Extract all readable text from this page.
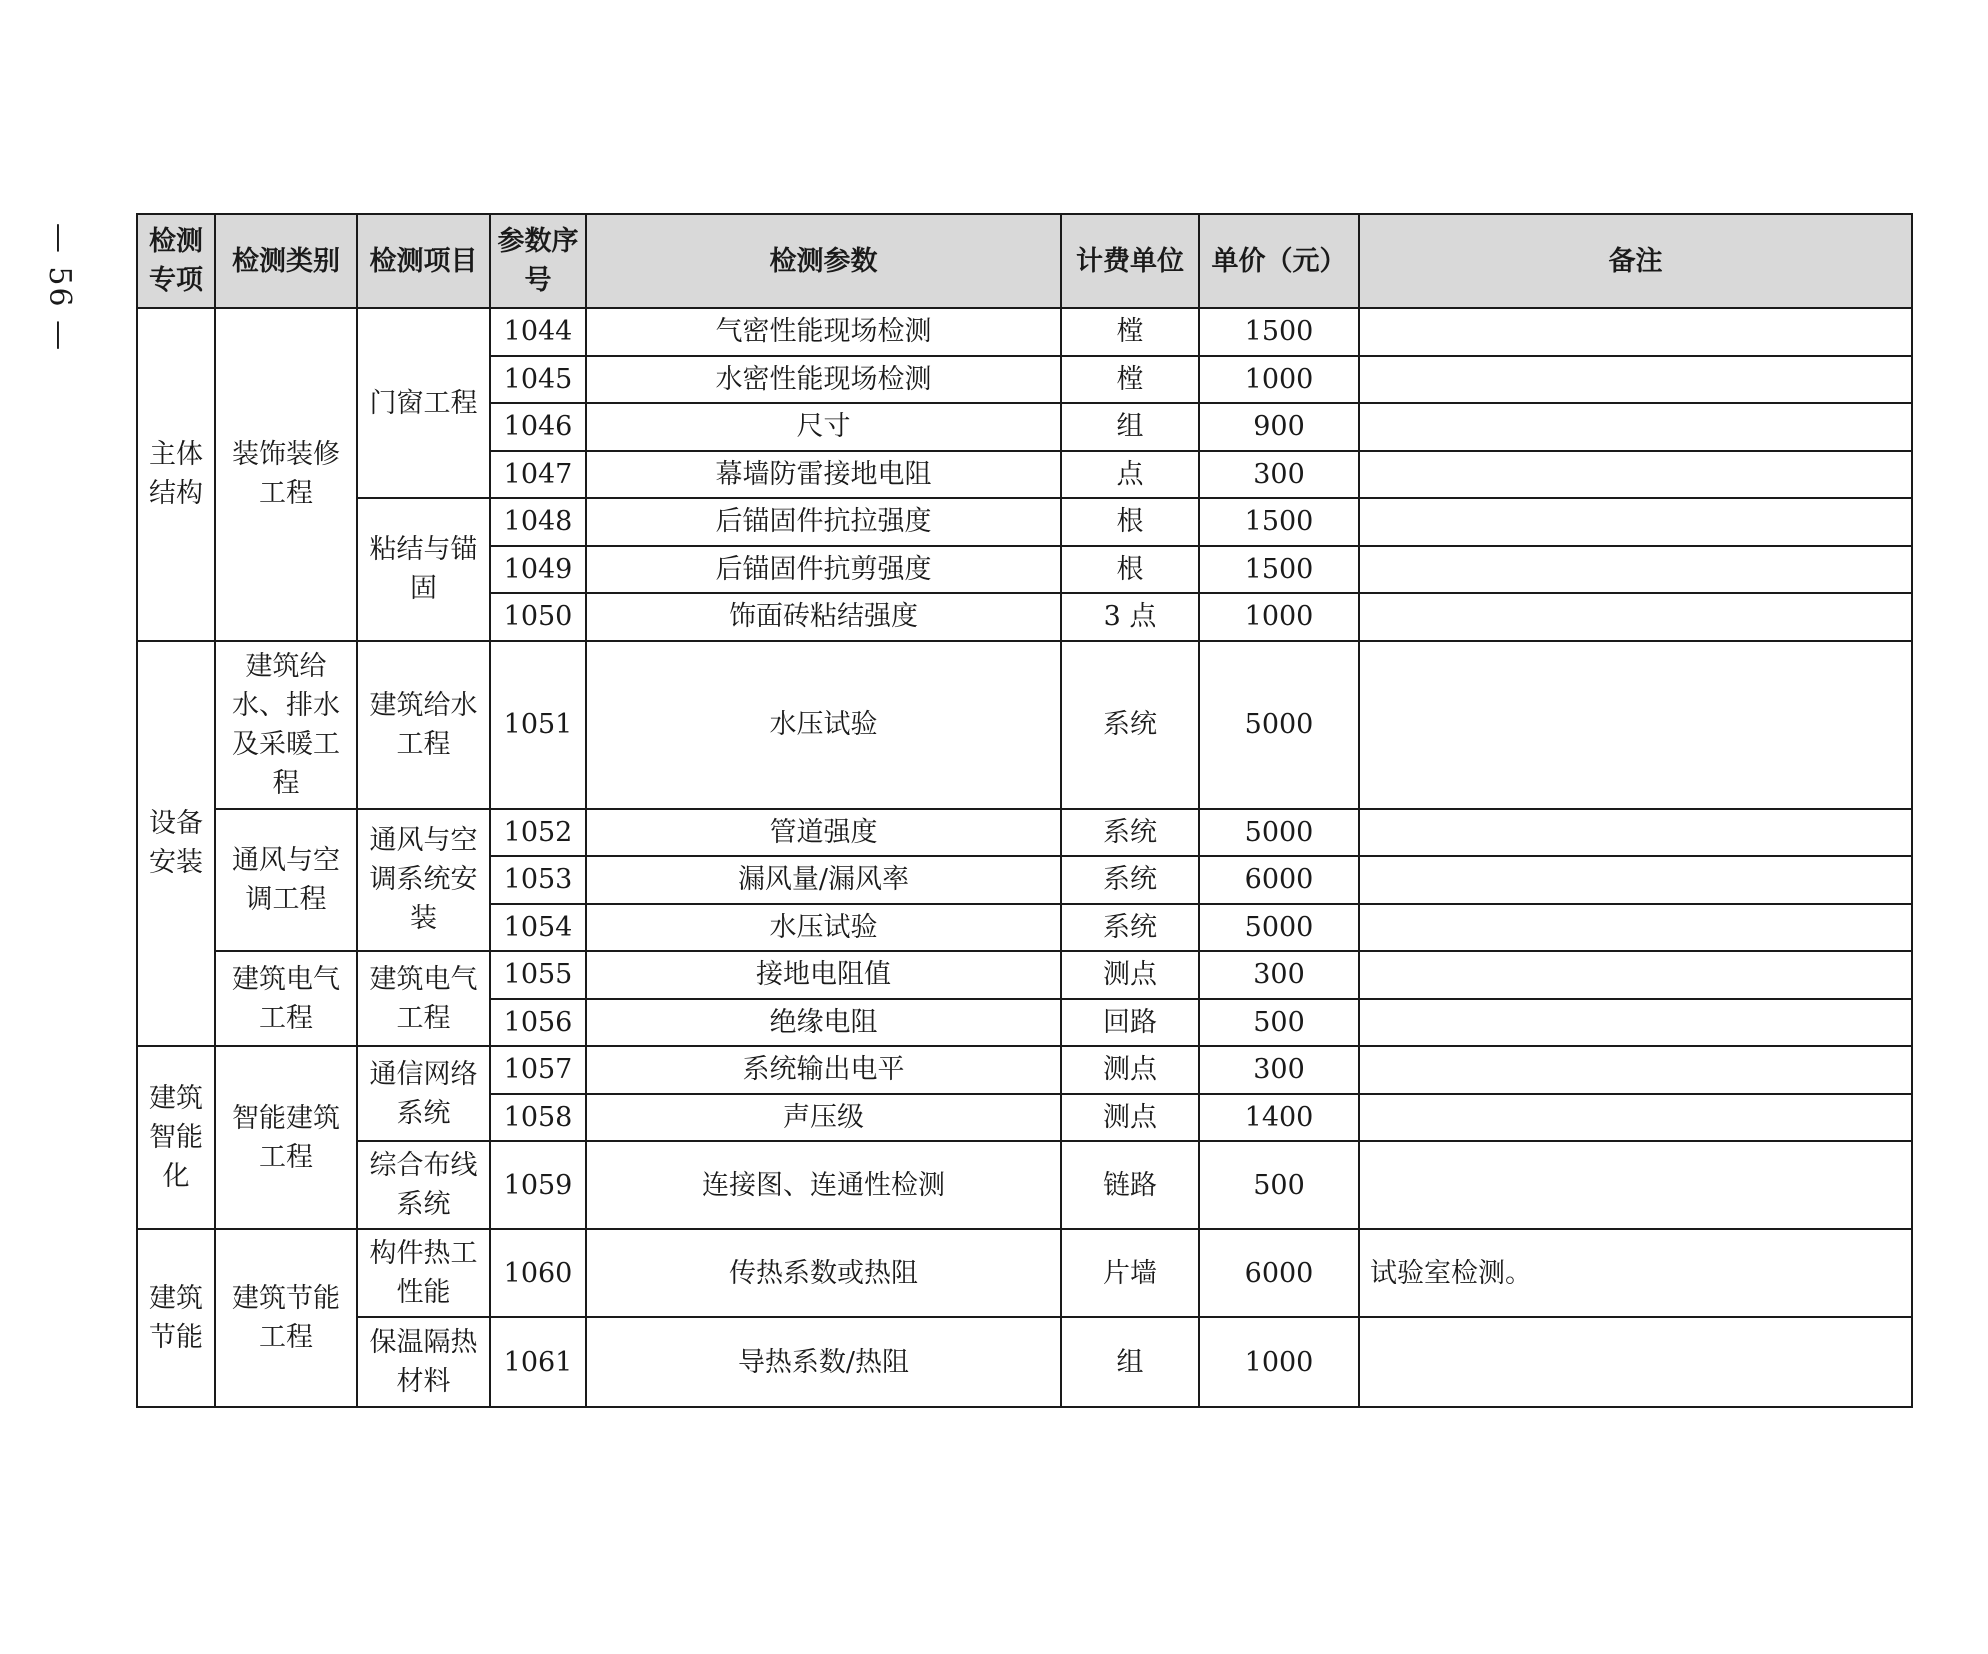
— 56 —	检测专项	检测类别	检测项目	参数序号	检测参数	计费单位	单价（元）	备注
主体结构	装饰装修工程	门窗工程	1044	气密性能现场检测	樘	1500	
			1045	水密性能现场检测	樘	1000	
			1046	尺寸	组	900	
			1047	幕墙防雷接地电阻	点	300	
		粘结与锚固	1048	后锚固件抗拉强度	根	1500	
			1049	后锚固件抗剪强度	根	1500	
			1050	饰面砖粘结强度	3 点	1000	
设备安装	建筑给水、排水及采暖工程	建筑给水工程	1051	水压试验	系统	5000	
	通风与空调工程	通风与空调系统安装	1052	管道强度	系统	5000	
			1053	漏风量/漏风率	系统	6000	
			1054	水压试验	系统	5000	
	建筑电气工程	建筑电气工程	1055	接地电阻值	测点	300	
			1056	绝缘电阻	回路	500	
建筑智能化	智能建筑工程	通信网络系统	1057	系统输出电平	测点	300	
			1058	声压级	测点	1400	
		综合布线系统	1059	连接图、连通性检测	链路	500	
建筑节能	建筑节能工程	构件热工性能	1060	传热系数或热阻	片墙	6000	试验室检测。
		保温隔热材料	1061	导热系数/热阻	组	1000	
